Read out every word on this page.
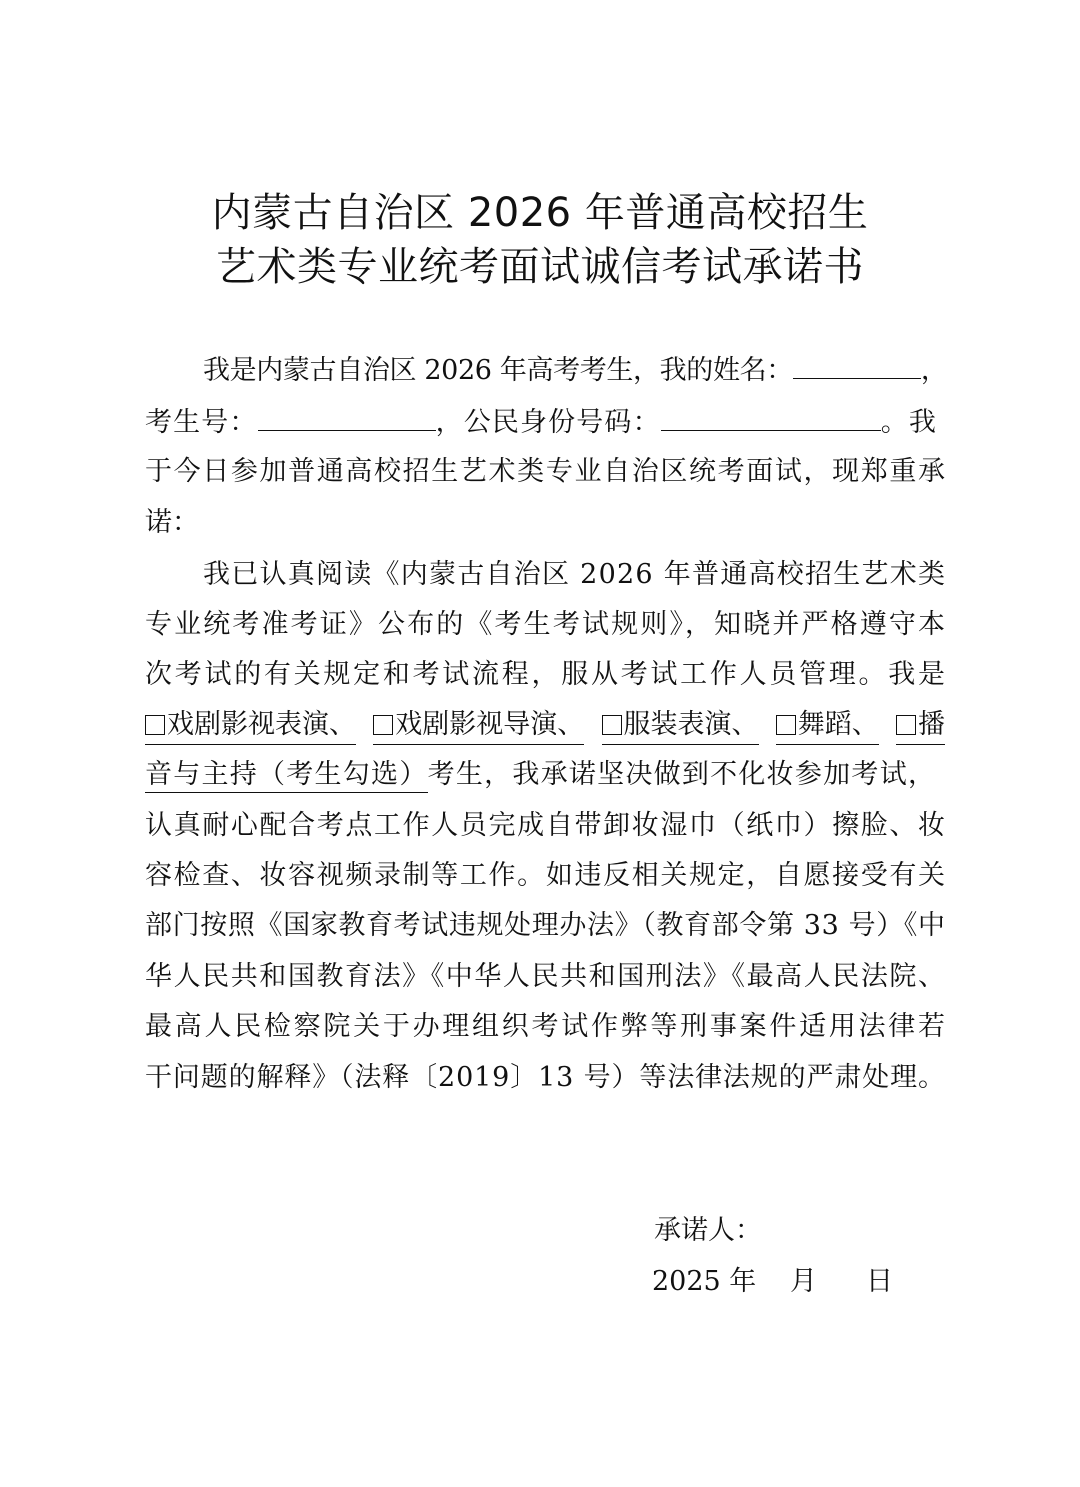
内蒙古自治区 2026 年普通高校招生
艺术类专业统考面试诚信考试承诺书
我是内蒙古自治区 2026 年高考考生，我的姓名：	，
考生号：	，公民身份号码：	。我
于今日参加普通高校招生艺术类专业自治区统考面试，现郑重承
诺：
我已认真阅读《内蒙古自治区 2026 年普通高校招生艺术类
专业统考准考证》公布的《考生考试规则》，知晓并严格遵守本
次考试的有关规定和考试流程，服从考试工作人员管理。我是
戏剧影视表演、	戏剧影视导演、	服装表演、	舞蹈、	播
音与主持（考生勾选）考生，我承诺坚决做到不化妆参加考试，
认真耐心配合考点工作人员完成自带卸妆湿巾（纸巾）擦脸、妆
容检查、妆容视频录制等工作。如违反相关规定，自愿接受有关
部门按照《国家教育考试违规处理办法》（教育部令第 33 号）《中
华人民共和国教育法》《中华人民共和国刑法》《最高人民法院、
最高人民检察院关于办理组织考试作弊等刑事案件适用法律若
干问题的解释》（法释〔2019〕13 号）等法律法规的严肃处理。
承诺人：
2025 年 月 日
